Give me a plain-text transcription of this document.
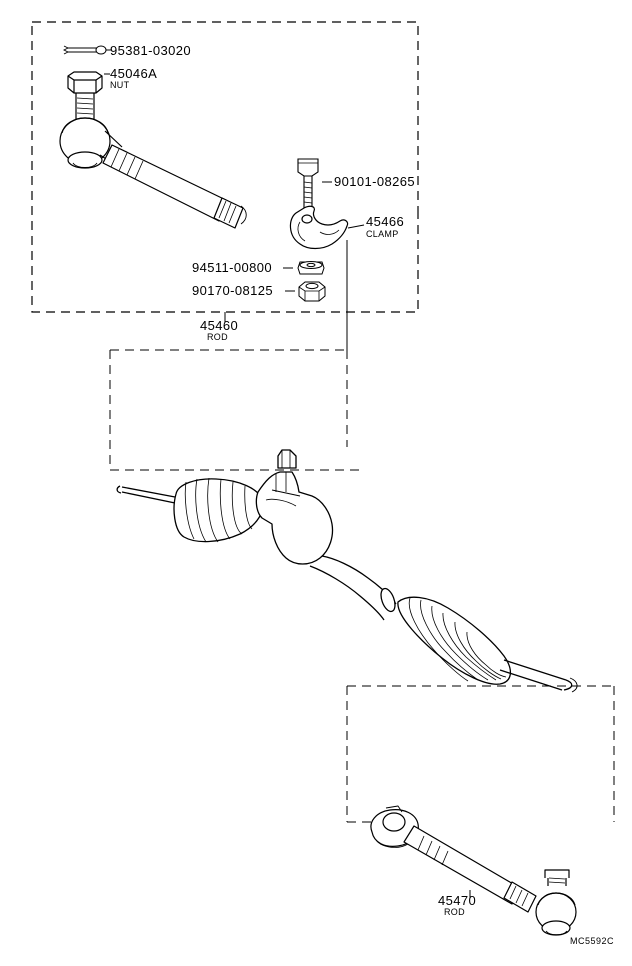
95381-03020
45046A
NUT
90101-08265
45466
CLAMP
94511-00800
90170-08125
45460
ROD
45470
ROD
MC5592C
